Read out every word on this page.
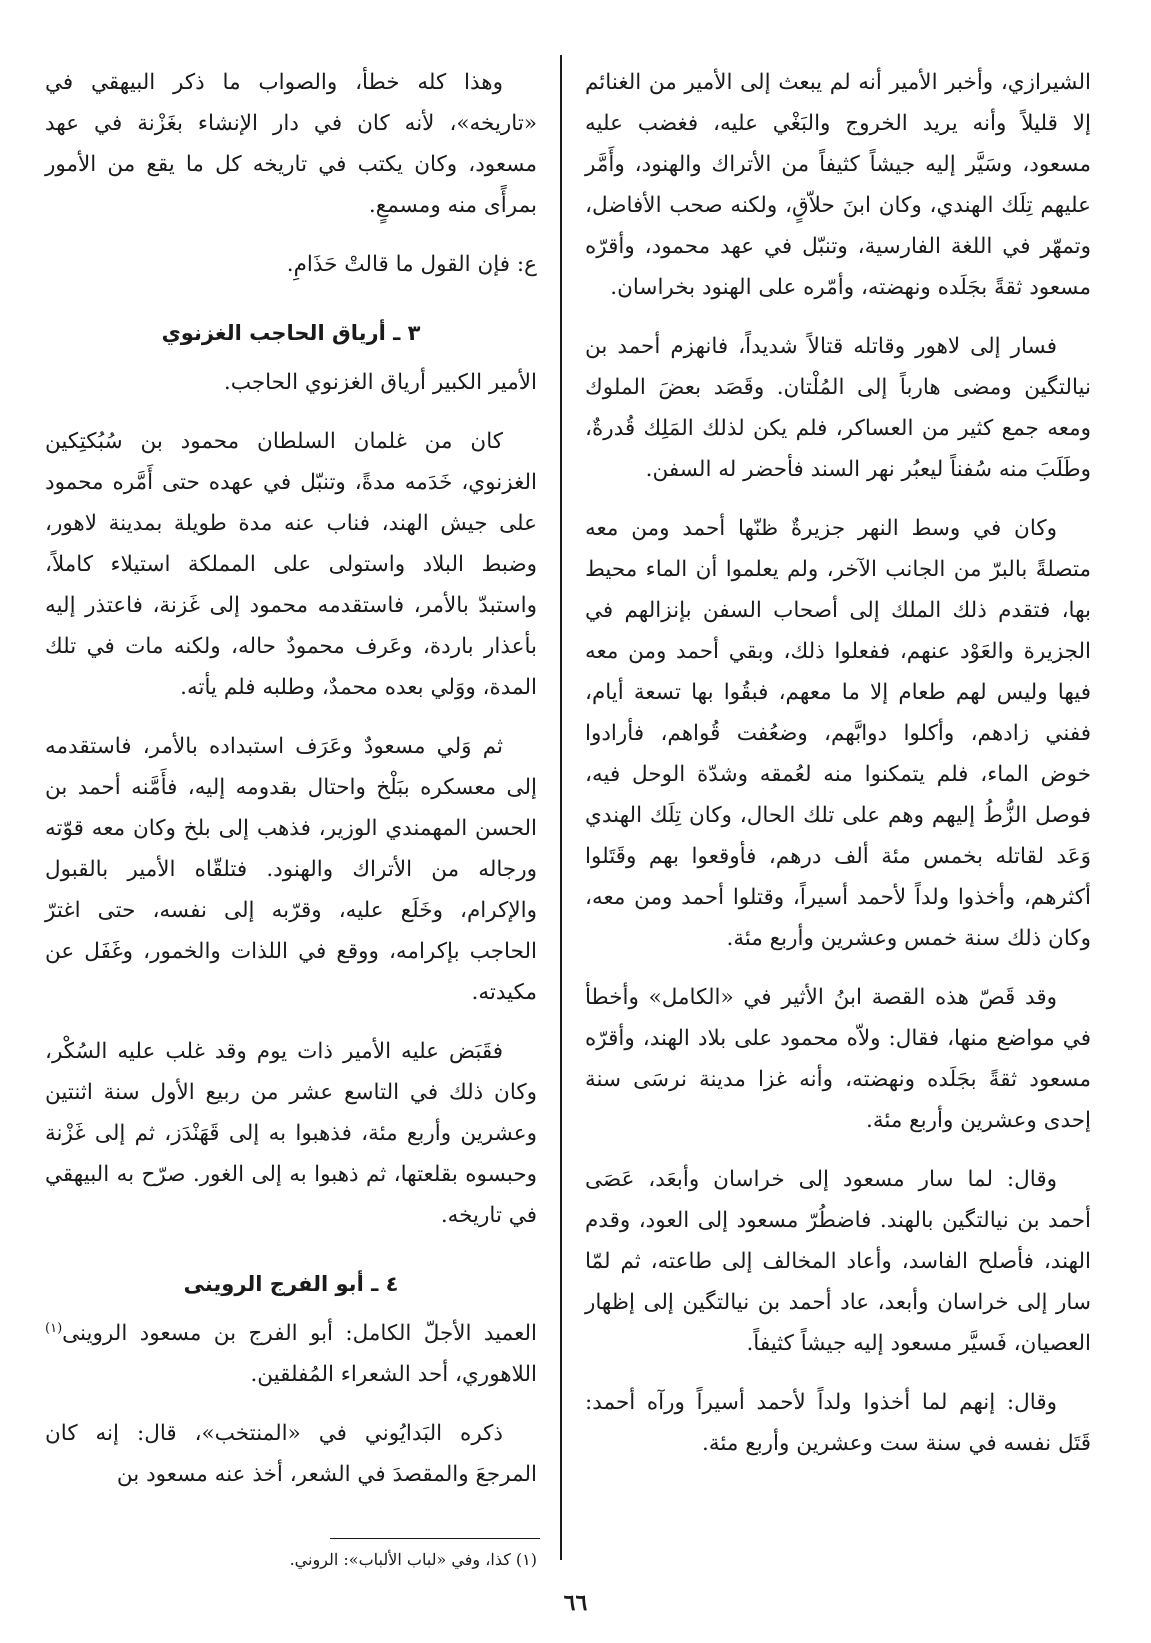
الشيرازي، وأخبر الأمير أنه لم يبعث إلى الأمير من الغنائم إلا قليلاً وأنه يريد الخروج والبَغْي عليه، فغضب عليه مسعود، وسَيَّر إليه جيشاً كثيفاً من الأتراك والهنود، وأَمَّر عليهم تِلَك الهندي، وكان ابنَ حلاّقٍ، ولكنه صحب الأفاضل، وتمهّر في اللغة الفارسية، وتنبّل في عهد محمود، وأقرّه مسعود ثقةً بجَلَده ونهضته، وأمّره على الهنود بخراسان.

فسار إلى لاهور وقاتله قتالاً شديداً، فانهزم أحمد بن نيالتگين ومضى هارباً إلى المُلْتان. وقَصَد بعضَ الملوك ومعه جمع كثير من العساكر، فلم يكن لذلك المَلِك قُدرةٌ، وطَلَبَ منه سُفناً ليعبُر نهر السند فأحضر له السفن.

وكان في وسط النهر جزيرةٌ ظنّها أحمد ومن معه متصلةً بالبرّ من الجانب الآخر، ولم يعلموا أن الماء محيط بها، فتقدم ذلك الملك إلى أصحاب السفن بإنزالهم في الجزيرة والعَوْد عنهم، ففعلوا ذلك، وبقي أحمد ومن معه فيها وليس لهم طعام إلا ما معهم، فبقُوا بها تسعة أيام، ففني زادهم، وأكلوا دوابَّهم، وضعُفت قُواهم، فأرادوا خوض الماء، فلم يتمكنوا منه لعُمقه وشدّة الوحل فيه، فوصل الزُّطُ إليهم وهم على تلك الحال، وكان تِلَك الهندي وَعَد لقاتله بخمس مئة ألف درهم، فأوقعوا بهم وقَتَلوا أكثرهم، وأخذوا ولداً لأحمد أسيراً، وقتلوا أحمد ومن معه، وكان ذلك سنة خمس وعشرين وأربع مئة.

وقد قَصّ هذه القصة ابنُ الأثير في «الكامل» وأخطأ في مواضع منها، فقال: ولاّه محمود على بلاد الهند، وأقرّه مسعود ثقةً بجَلَده ونهضته، وأنه غزا مدينة نرسَى سنة إحدى وعشرين وأربع مئة.

وقال: لما سار مسعود إلى خراسان وأبعَد، عَصَى أحمد بن نيالتگين بالهند. فاضطُرّ مسعود إلى العود، وقدم الهند، فأصلح الفاسد، وأعاد المخالف إلى طاعته، ثم لمّا سار إلى خراسان وأبعد، عاد أحمد بن نيالتگين إلى إظهار العصيان، فَسيَّر مسعود إليه جيشاً كثيفاً.

وقال: إنهم لما أخذوا ولداً لأحمد أسيراً ورآه أحمد: قَتَل نفسه في سنة ست وعشرين وأربع مئة.

وهذا كله خطأ، والصواب ما ذكر البيهقي في «تاريخه»، لأنه كان في دار الإنشاء بغَزْنة في عهد مسعود، وكان يكتب في تاريخه كل ما يقع من الأمور بمرأًى منه ومسمعٍ.

ع: فإن القول ما قالتْ حَذَامِ.

٣ ـ أرياق الحاجب الغزنوي

الأمير الكبير أرياق الغزنوي الحاجب.

كان من غلمان السلطان محمود بن سُبُكتِكين الغزنوي، خَدَمه مدةً، وتنبّل في عهده حتى أَمَّره محمود على جيش الهند، فناب عنه مدة طويلة بمدينة لاهور، وضبط البلاد واستولى على المملكة استيلاء كاملاً، واستبدّ بالأمر، فاستقدمه محمود إلى غَزنة، فاعتذر إليه بأعذار باردة، وعَرف محمودٌ حاله، ولكنه مات في تلك المدة، ووَلي بعده محمدٌ، وطلبه فلم يأته.

ثم وَلي مسعودٌ وعَرَف استبداده بالأمر، فاستقدمه إلى معسكره ببَلْخ واحتال بقدومه إليه، فأَمَّنه أحمد بن الحسن المهمندي الوزير، فذهب إلى بلخ وكان معه قوّته ورجاله من الأتراك والهنود. فتلقّاه الأمير بالقبول والإكرام، وخَلَع عليه، وقرّبه إلى نفسه، حتى اغترّ الحاجب بإكرامه، ووقع في اللذات والخمور، وغَفَل عن مكيدته.

فقَبَض عليه الأمير ذات يوم وقد غلب عليه السُكْر، وكان ذلك في التاسع عشر من ربيع الأول سنة اثنتين وعشرين وأربع مئة، فذهبوا به إلى قَهَنْدَز، ثم إلى غَزْنة وحبسوه بقلعتها، ثم ذهبوا به إلى الغور. صرّح به البيهقي في تاريخه.

٤ ـ أبو الفرج الروينى

العميد الأجلّ الكامل: أبو الفرج بن مسعود الروينى$^{(١)}$ اللاهوري، أحد الشعراء المُفلقين.

ذكره البَدايُوني في «المنتخب»، قال: إنه كان المرجعَ والمقصدَ في الشعر، أخذ عنه مسعود بن

(١) كذا، وفي «لباب الألباب»: الروني.
٦٦
